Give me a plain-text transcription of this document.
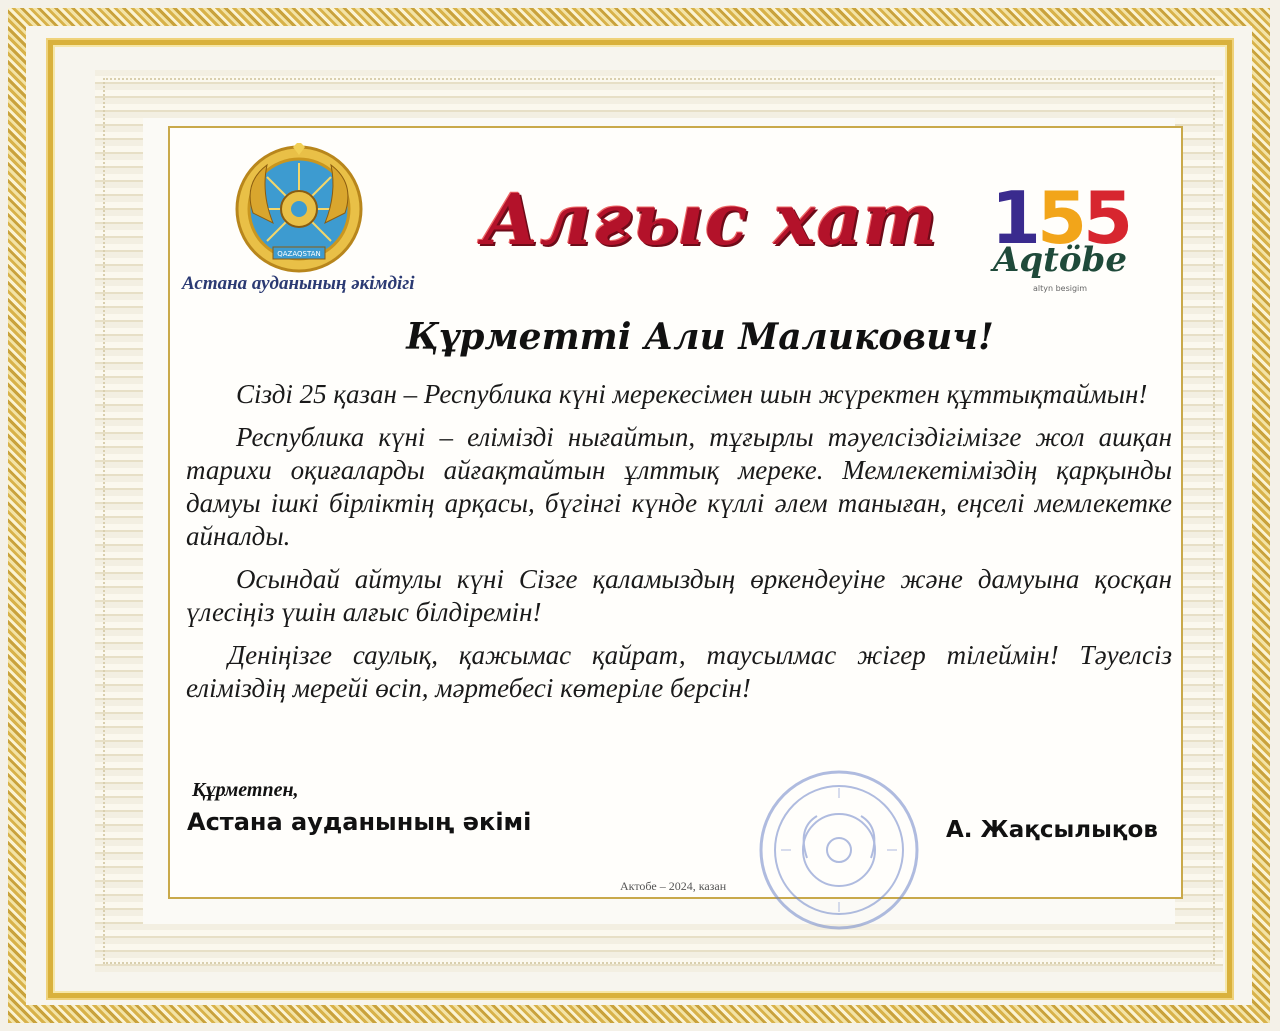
QAZAQSTAN
Астана ауданының әкімдігі
Алғыс хат 155
Aqtöbe
altyn besigim
Құрметті Али Маликович!

Сізді 25 қазан – Республика күні мерекесімен шын жүректен құттықтаймын!

Республика күні – елімізді нығайтып, тұғырлы тәуелсіздігімізге жол ашқан тарихи оқиғаларды айғақтайтын ұлттық мереке. Мемлекетіміздің қарқынды дамуы ішкі бірліктің арқасы, бүгінгі күнде күллі әлем таныған, еңселі мемлекетке айналды.

Осындай айтулы күні Сізге қаламыздың өркендеуіне және дамуына қосқан үлесіңіз үшін алғыс білдіремін!

Деніңізге саулық, қажымас қайрат, таусылмас жігер тілеймін! Тәуелсіз еліміздің мерейі өсіп, мәртебесі көтеріле берсін!

Құрметпен,
Астана ауданының әкімі	А. Жақсылықов
Актобе – 2024, казан
